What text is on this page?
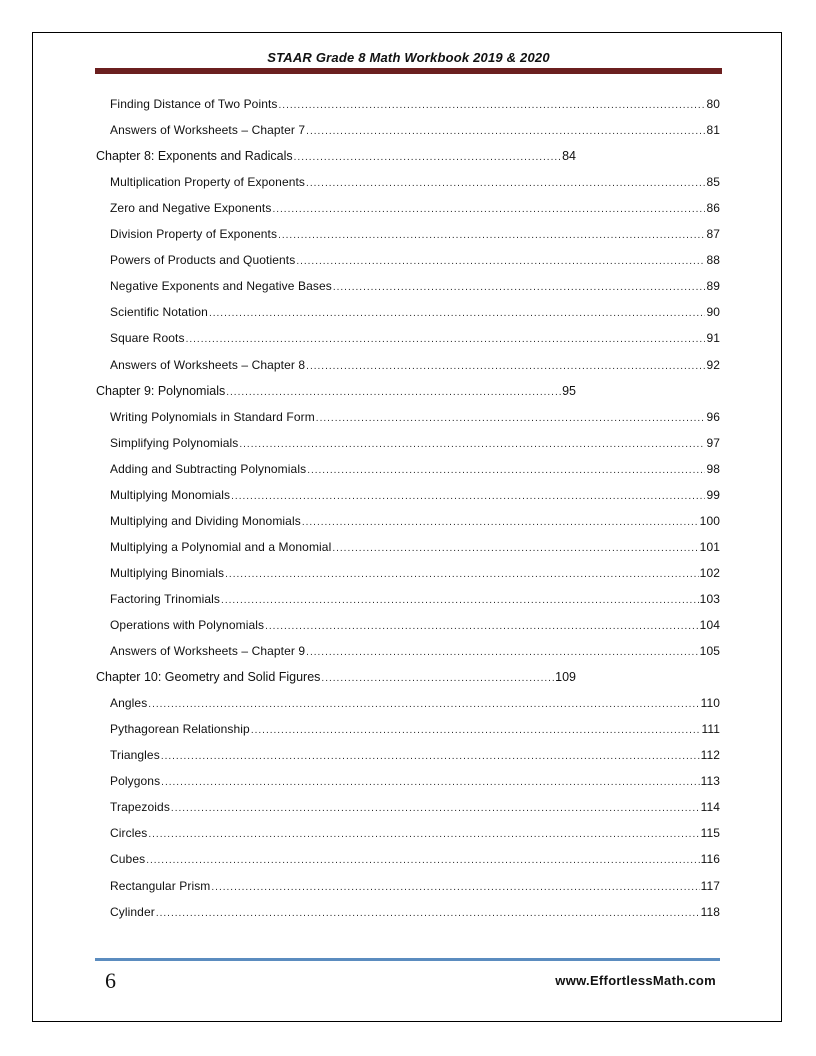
STAAR Grade 8 Math Workbook 2019 & 2020
Finding Distance of Two Points .....	80
Answers of Worksheets – Chapter 7 .....	81
Chapter 8: Exponents and Radicals .....	84
Multiplication Property of Exponents .....	85
Zero and Negative Exponents .....	86
Division Property of Exponents .....	87
Powers of Products and Quotients .....	88
Negative Exponents and Negative Bases .....	89
Scientific Notation .....	90
Square Roots .....	91
Answers of Worksheets – Chapter 8 .....	92
Chapter 9: Polynomials .....	95
Writing Polynomials in Standard Form .....	96
Simplifying Polynomials .....	97
Adding and Subtracting Polynomials .....	98
Multiplying Monomials .....	99
Multiplying and Dividing Monomials .....	100
Multiplying a Polynomial and a Monomial .....	101
Multiplying Binomials .....	102
Factoring Trinomials .....	103
Operations with Polynomials .....	104
Answers of Worksheets – Chapter 9 .....	105
Chapter 10: Geometry and Solid Figures .....	109
Angles .....	110
Pythagorean Relationship .....	111
Triangles .....	112
Polygons .....	113
Trapezoids .....	114
Circles .....	115
Cubes .....	116
Rectangular Prism .....	117
Cylinder .....	118
6	www.EffortlessMath.com
